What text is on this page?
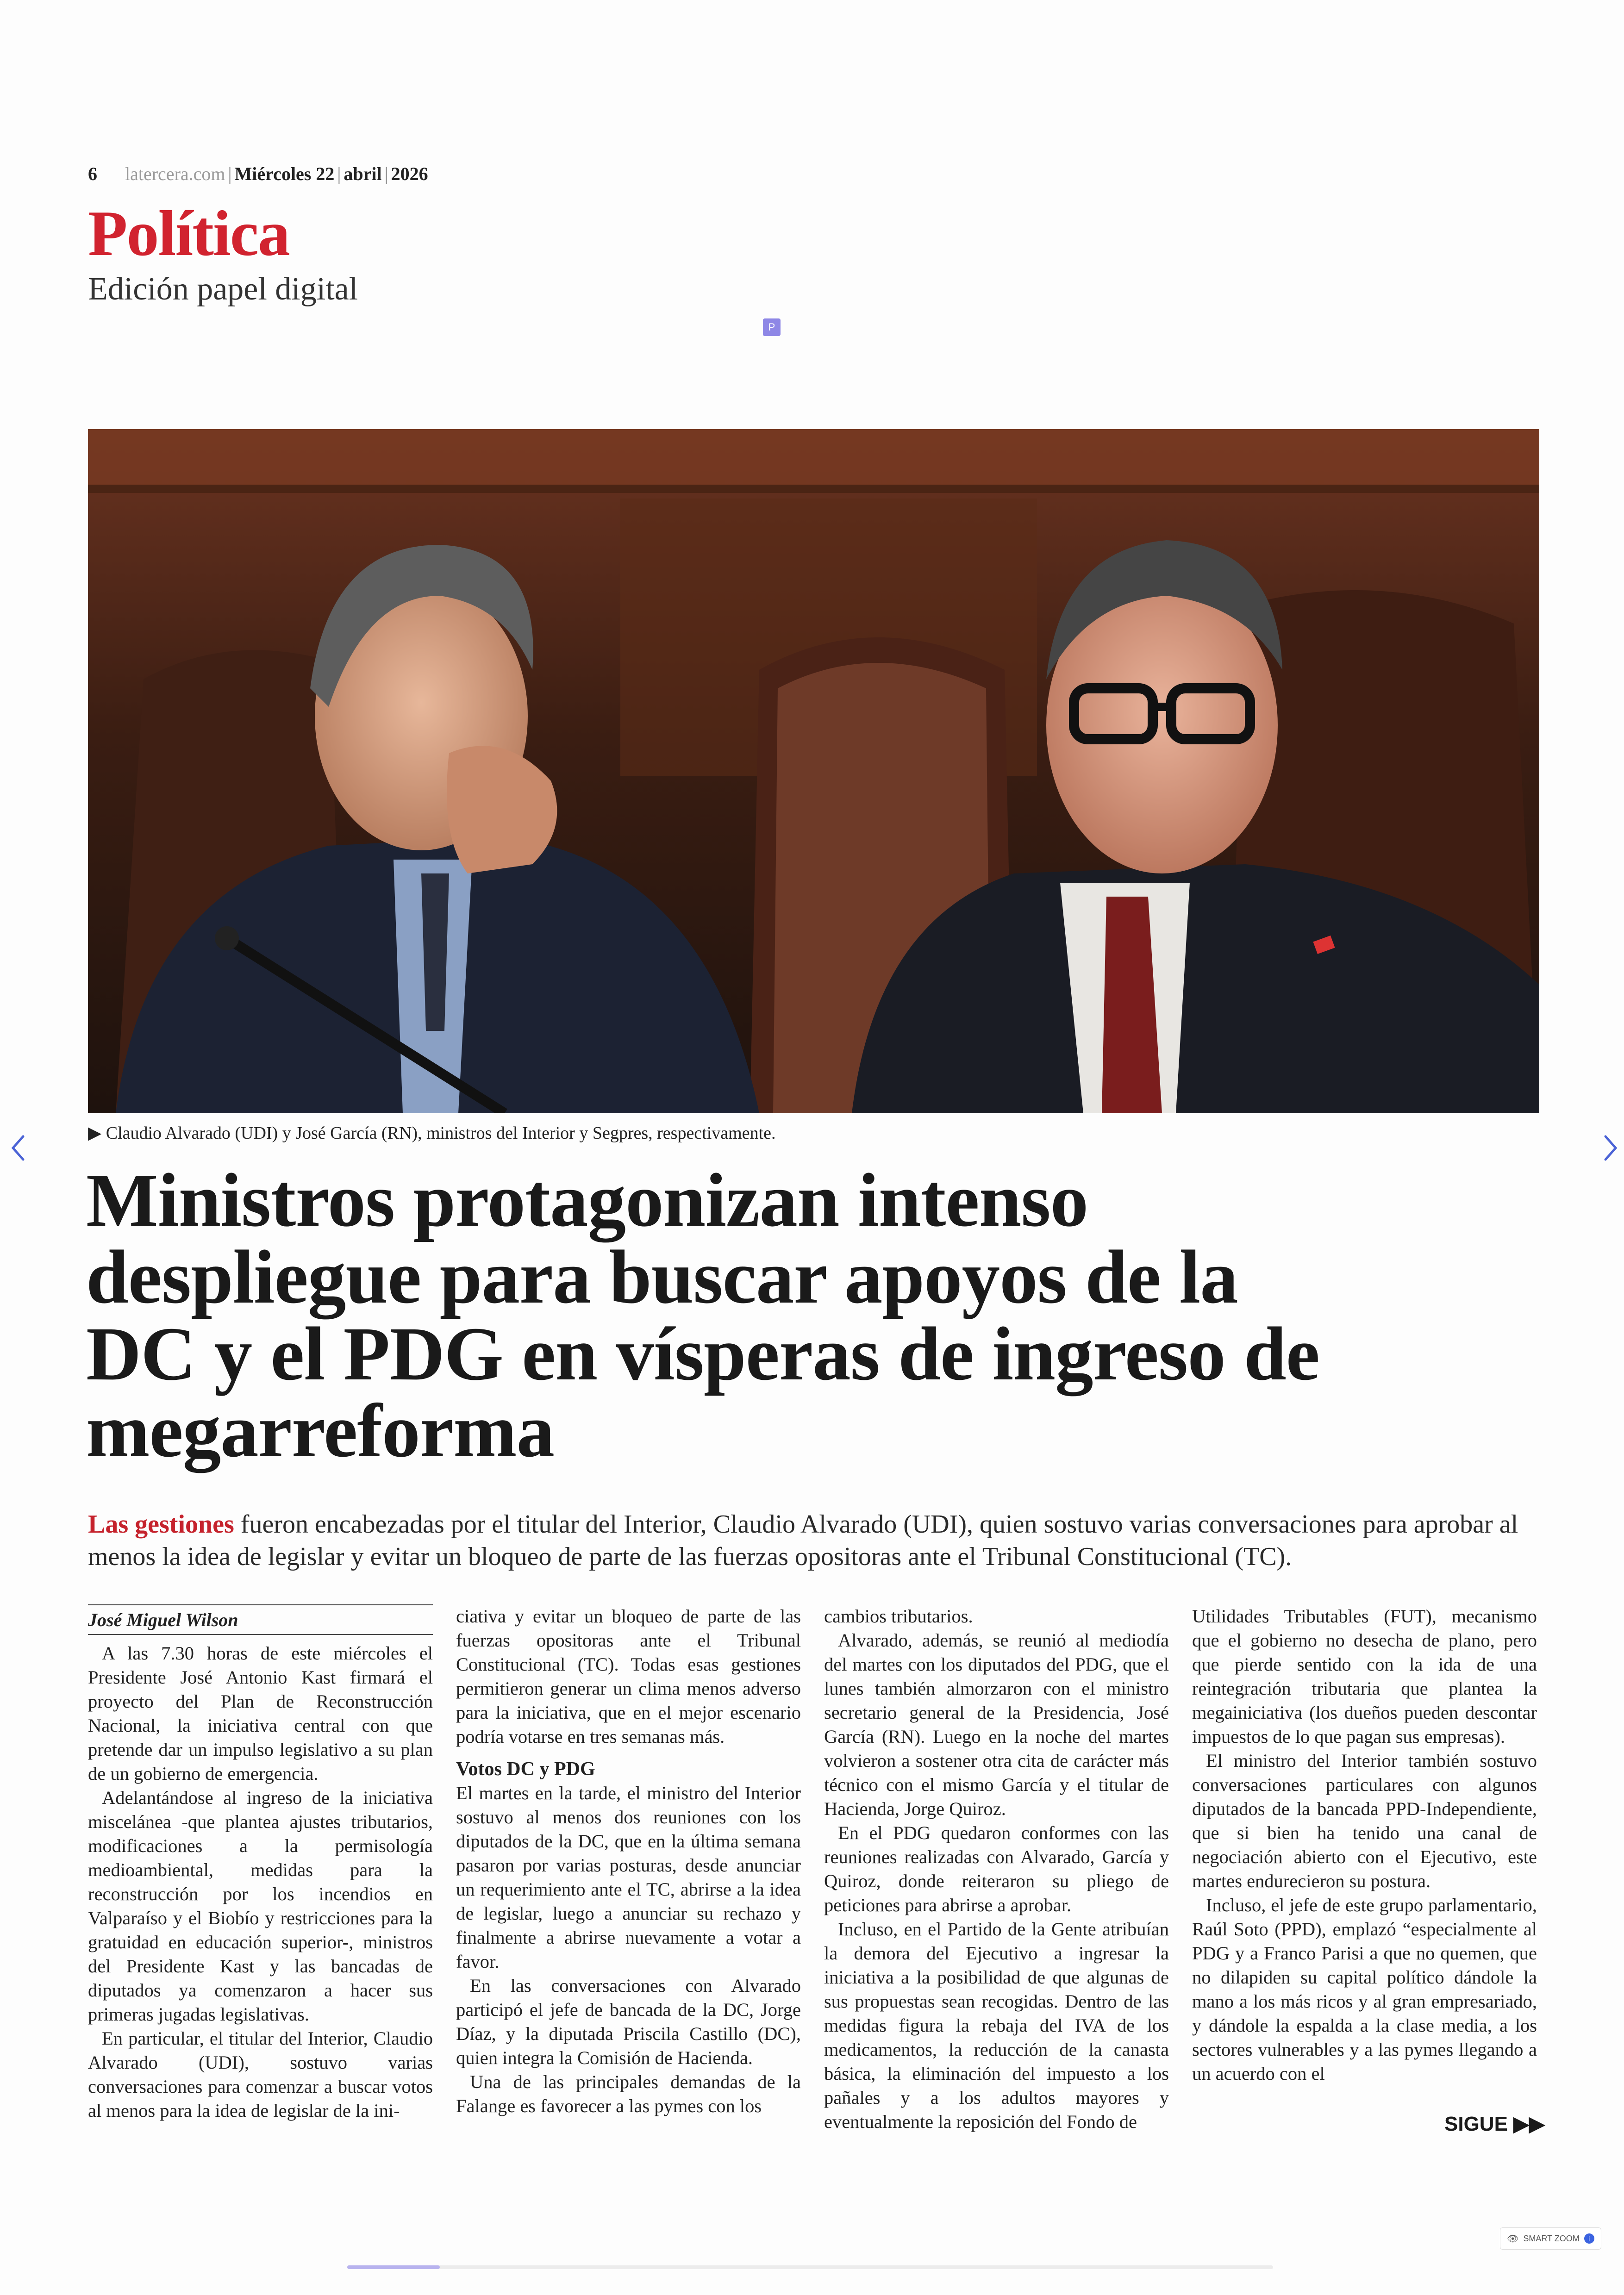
6 latercera.com | Miércoles 22 | abril | 2026
Política
Edición papel digital
P
▶ Claudio Alvarado (UDI) y José García (RN), ministros del Interior y Segpres, respectivamente.
Ministros protagonizan intenso despliegue para buscar apoyos de la DC y el PDG en vísperas de ingreso de megarreforma

Las gestiones fueron encabezadas por el titular del Interior, Claudio Alvarado (UDI), quien sostuvo varias conversaciones para aprobar al menos la idea de legislar y evitar un bloqueo de parte de las fuerzas opositoras ante el Tribunal Constitucional (TC).

José Miguel Wilson

A las 7.30 horas de este miércoles el Presidente José Antonio Kast firmará el proyecto del Plan de Reconstrucción Nacional, la iniciativa central con que pretende dar un impulso legislativo a su plan de un gobierno de emergencia.

Adelantándose al ingreso de la iniciativa miscelánea -que plantea ajustes tributarios, modificaciones a la permisología medioambiental, medidas para la reconstrucción por los incendios en Valparaíso y el Biobío y restricciones para la gratuidad en educación superior-, ministros del Presidente Kast y las bancadas de diputados ya comenzaron a hacer sus primeras jugadas legislativas.

En particular, el titular del Interior, Claudio Alvarado (UDI), sostuvo varias conversaciones para comenzar a buscar votos al menos para la idea de legislar de la ini-

ciativa y evitar un bloqueo de parte de las fuerzas opositoras ante el Tribunal Constitucional (TC). Todas esas gestiones permitieron generar un clima menos adverso para la iniciativa, que en el mejor escenario podría votarse en tres semanas más.

Votos DC y PDG

El martes en la tarde, el ministro del Interior sostuvo al menos dos reuniones con los diputados de la DC, que en la última semana pasaron por varias posturas, desde anunciar un requerimiento ante el TC, abrirse a la idea de legislar, luego a anunciar su rechazo y finalmente a abrirse nuevamente a votar a favor.

En las conversaciones con Alvarado participó el jefe de bancada de la DC, Jorge Díaz, y la diputada Priscila Castillo (DC), quien integra la Comisión de Hacienda.

Una de las principales demandas de la Falange es favorecer a las pymes con los

cambios tributarios.

Alvarado, además, se reunió al mediodía del martes con los diputados del PDG, que el lunes también almorzaron con el ministro secretario general de la Presidencia, José García (RN). Luego en la noche del martes volvieron a sostener otra cita de carácter más técnico con el mismo García y el titular de Hacienda, Jorge Quiroz.

En el PDG quedaron conformes con las reuniones realizadas con Alvarado, García y Quiroz, donde reiteraron su pliego de peticiones para abrirse a aprobar.

Incluso, en el Partido de la Gente atribuían la demora del Ejecutivo a ingresar la iniciativa a la posibilidad de que algunas de sus propuestas sean recogidas. Dentro de las medidas figura la rebaja del IVA de los medicamentos, la reducción de la canasta básica, la eliminación del impuesto a los pañales y a los adultos mayores y eventualmente la reposición del Fondo de

Utilidades Tributables (FUT), mecanismo que el gobierno no desecha de plano, pero que pierde sentido con la ida de una reintegración tributaria que plantea la megainiciativa (los dueños pueden descontar impuestos de lo que pagan sus empresas).

El ministro del Interior también sostuvo conversaciones particulares con algunos diputados de la bancada PPD-Independiente, que si bien ha tenido una canal de negociación abierto con el Ejecutivo, este martes endurecieron su postura.

Incluso, el jefe de este grupo parlamentario, Raúl Soto (PPD), emplazó “especialmente al PDG y a Franco Parisi a que no quemen, que no dilapiden su capital político dándole la mano a los más ricos y al gran empresariado, y dándole la espalda a la clase media, a los sectores vulnerables y a las pymes llegando a un acuerdo con el

SIGUE ▶▶
👁 SMART ZOOM	i
